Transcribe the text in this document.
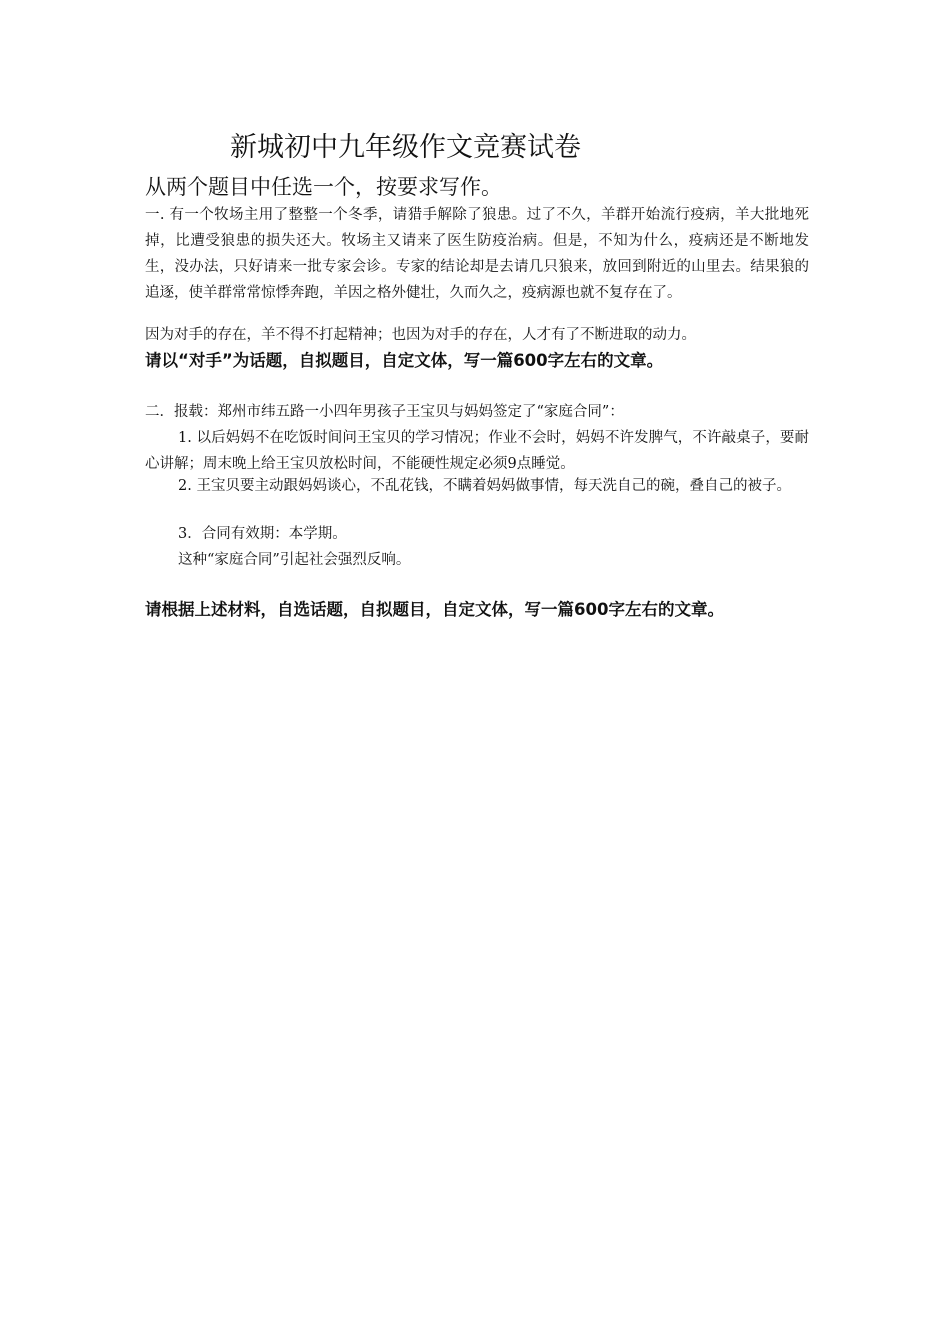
新城初中九年级作文竞赛试卷
从两个题目中任选一个，按要求写作。
一. 有一个牧场主用了整整一个冬季，请猎手解除了狼患。过了不久，羊群开始流行疫病，羊大批地死掉，比遭受狼患的损失还大。牧场主又请来了医生防疫治病。但是，不知为什么，疫病还是不断地发生，没办法，只好请来一批专家会诊。专家的结论却是去请几只狼来，放回到附近的山里去。结果狼的追逐，使羊群常常惊悸奔跑，羊因之格外健壮，久而久之，疫病源也就不复存在了。
因为对手的存在，羊不得不打起精神；也因为对手的存在，人才有了不断进取的动力。
请以“对手”为话题，自拟题目，自定文体，写一篇600字左右的文章。
二．报载：郑州市纬五路一小四年男孩子王宝贝与妈妈签定了“家庭合同”：
1. 以后妈妈不在吃饭时间问王宝贝的学习情况；作业不会时，妈妈不许发脾气，不许敲桌子，要耐心讲解；周末晚上给王宝贝放松时间，不能硬性规定必须9点睡觉。
2. 王宝贝要主动跟妈妈谈心，不乱花钱，不瞒着妈妈做事情，每天洗自己的碗，叠自己的被子。
3．合同有效期：本学期。
这种“家庭合同”引起社会强烈反响。
请根据上述材料，自选话题，自拟题目，自定文体，写一篇600字左右的文章。
